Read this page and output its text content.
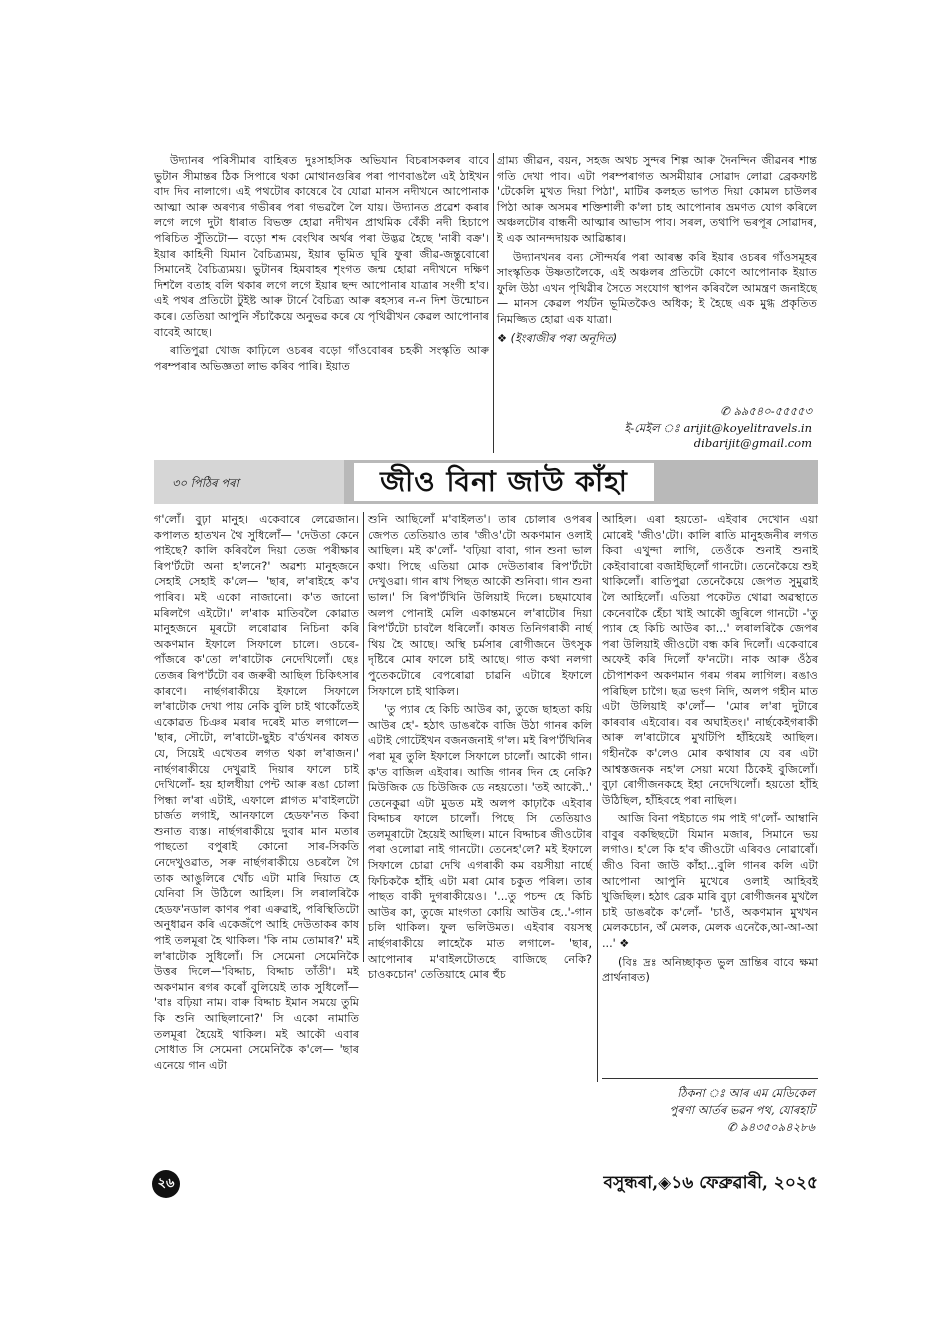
উদ্যানৰ পৰিসীমাৰ বাহিৰত দুঃসাহসিক অভিযান বিচৰাসকলৰ বাবে ভুটান সীমান্তৰ ঠিক সিপাৰে থকা মোথানগুৰিৰ পৰা পাণবাঙলৈ এই ঠাইখন বাদ দিব নালাগে। এই পথটোৰ কাষেৰে বৈ যোৱা মানস নদীখনে আপোনাক আত্মা আৰু অৰণ্যৰ গভীৰৰ পৰা গভৱলৈ লৈ যায়। উদ্যানত প্ৰৱেশ কৰাৰ লগে লগে দুটা ধাৰাত বিভক্ত হোৱা নদীখন প্ৰাথমিক বেঁকী নদী হিচাপে পৰিচিত সুঁতিটো— বড়ো শব্দ বেংখিৰ অৰ্থৰ পৰা উদ্ভৱ হৈছে 'নাৰী বক্ৰ'। ইয়াৰ কাহিনী যিমান বৈচিত্ৰ্যময়, ইয়াৰ ভূমিত ঘূৰি ফুৰা জীৱ-জন্তুবোৰো সিমানেই বৈচিত্ৰ্যময়। ভুটানৰ হিমবাহৰ শৃংগত জন্ম হোৱা নদীখনে দক্ষিণ দিশলৈ বতাহ বলি থকাৰ লগে লগে ইয়াৰ ছন্দ আপোনাৰ যাত্ৰাৰ সংগী হ'ব। এই পথৰ প্ৰতিটো টুইষ্ট আৰু টাৰ্নে বৈচিত্ৰ্য আৰু ৰহস্যৰ ন-ন দিশ উন্মোচন কৰে। তেতিয়া আপুনি সঁচাকৈয়ে অনুভৱ কৰে যে পৃথিৱীখন কেৱল আপোনাৰ বাবেই আছে।

ৰাতিপুৱা খোজ কাঢ়িলে ওচৰৰ বড়ো গাঁওবোৰৰ চহকী সংস্কৃতি আৰু পৰম্পৰাৰ অভিজ্ঞতা লাভ কৰিব পাৰি। ইয়াত

গ্ৰাম্য জীৱন, বয়ন, সহজ অথচ সুন্দৰ শিল্প আৰু দৈনন্দিন জীৱনৰ শান্ত গতি দেখা পাব। এটা পৰম্পৰাগত অসমীয়াৰ সোৱাদ লোৱা ব্ৰেকফাষ্ট 'টেকেলি মুখত দিয়া পিঠা', মাটিৰ কলহত ভাপত দিয়া কোমল চাউলৰ পিঠা আৰু অসমৰ শক্তিশালী ক'লা চাহ আপোনাৰ ভ্ৰমণত যোগ কৰিলে অঞ্চলটোৰ বান্ধনী আত্মাৰ আভাস পাব। সৰল, তথাপি ভৰপূৰ সোৱাদৰ, ই এক আনন্দদায়ক আৱিষ্কাৰ।

উদ্যানখনৰ বন্য সৌন্দৰ্যৰ পৰা আৰম্ভ কৰি ইয়াৰ ওচৰৰ গাঁওসমূহৰ সাংস্কৃতিক উষ্ণতালৈকে, এই অঞ্চলৰ প্ৰতিটো কোণে আপোনাক ইয়াত ফুলি উঠা এখন পৃথিৱীৰ সৈতে সংযোগ স্থাপন কৰিবলৈ আমন্ত্ৰণ জনাইছে— মানস কেৱল পৰ্যটন ভূমিতকৈও অধিক; ই হৈছে এক মুগ্ধ প্ৰকৃতিত নিমজ্জিত হোৱা এক যাত্ৰা।

❖ (ইংৰাজীৰ পৰা অনূদিত)

✆ ৯৯৫৪০-৫৫৫৫৩
ই-মেইল ঃ arijit@koyelitravels.in
dibarijit@gmail.com
৩০ পিঠিৰ পৰা	জীও বিনা জাউ কাঁহা

গ'লোঁ। বুঢ়া মানুহ। একেবাৰে লেৱেজান। কপালত হাতখন থৈ সুধিলোঁ— 'দেউতা কেনে পাইছে? কালি কৰিবলৈ দিয়া তেজ পৰীক্ষাৰ ৰিপ'ৰ্টটো অনা হ'লনে?' অৱশ্য মানুহজনে সেহাই সেহাই ক'লে— 'ছাৰ, ল'ৰাইহে ক'ব পাৰিব। মই একো নাজানো। ক'ত জানো মৰিলগৈ এইটো।' ল'ৰাক মাতিবলৈ কোৱাত মানুহজনে মূৰটো লৰোৱাৰ নিচিনা কৰি অকণমান ইফালে সিফালে চালে। ওচৰে-পাঁজৰে ক'তো ল'ৰাটোক নেদেখিলোঁ। ছেঃ তেজৰ ৰিপ'ৰ্টটো বৰ জৰুৰী আছিল চিকিৎসাৰ কাৰণে। নাৰ্ছগৰাকীয়ে ইফালে সিফালে ল'ৰাটোক দেখা পায় নেকি বুলি চাই থাকোঁতেই একোৱত চিঞৰ মৰাৰ দৰেই মাত লগালে— 'ছাৰ, সৌটো, ল'ৰাটো-ছুইচ ব'ৰ্ডখনৰ কাষত যে, সিয়েই এখেতৰ লগত থকা ল'ৰাজন।' নাৰ্ছগৰাকীয়ে দেখুৱাই দিয়াৰ ফালে চাই দেখিলোঁ- হয় হালধীয়া পেন্ট আৰু ৰঙা চোলা পিন্ধা ল'ৰা এটাই, এফালে প্লাগত ম'বাইলটো চাৰ্জত লগাই, আনফালে হেডফ'নত কিবা শুনাত ব্যস্ত। নাৰ্ছগৰাকীয়ে দুবাৰ মান মতাৰ পাছতো বপুৰাই কোনো সাৰ-সিকতি নেদেখুওৱাত, সৰু নাৰ্ছগৰাকীয়ে ওচৰলৈ গৈ তাক আঙুলিৰে খোঁচ এটা মাৰি দিয়াত হে যেনিবা সি উঠিলে আহিল। সি লৰালৰিকৈ হেডফ'নডাল কাণৰ পৰা এৰুৱাই, পৰিস্থিতিটো অনুধাৱন কৰি একেজঁপে আহি দেউতাকৰ কাষ পাই তলমূৰা হৈ থাকিল। 'কি নাম তোমাৰ?' মই ল'ৰাটোক সুধিলোঁ। সি সেমেনা সেমেনিকৈ উত্তৰ দিলে—'বিদ্দাচ, বিদ্দাচ তাঁতী'। মই অকণমান ৰগৰ কৰোঁ বুলিয়েই তাক সুধিলোঁ— 'বাঃ বঢ়িয়া নাম। বাৰু বিদ্দাচ ইমান সময়ে তুমি কি শুনি আছিলানো?' সি একো নামাতি তলমূৰা হৈয়েই থাকিল। মই আকৌ এবাৰ সোধাত সি সেমেনা সেমেনিকৈ ক'লে— 'ছাৰ এনেয়ে গান এটা

শুনি আছিলোঁ ম'বাইলত'। তাৰ চোলাৰ ওপৰৰ জেপত তেতিয়াও তাৰ 'জীও'টো অকণমান ওলাই আছিল। মই ক'লোঁ- 'বঢ়িয়া বাবা, গান শুনা ভাল কথা। পিছে এতিয়া মোক দেউতাৰাৰ ৰিপ'ৰ্টটো দেখুওৱা। গান ৰাখ পিছত আকৌ শুনিবা। গান শুনা ভাল।' সি ৰিপ'ৰ্টখিনি উলিয়াই দিলে। চছমাযোৰ অলপ পোনাই মেলি একান্তমনে ল'ৰাটোৰ দিয়া ৰিপ'ৰ্টটো চাবলৈ ধৰিলোঁ। কাষত তিনিগৰাকী নাৰ্ছ থিয় হৈ আছে। অস্থি চৰ্মসাৰ ৰোগীজনে উৎসুক দৃষ্টিৰে মোৰ ফালে চাই আছে। গাত কথা নলগা পুতেকটোৰে বেপৰোৱা চাৱনি এটাৰে ইফালে সিফালে চাই থাকিল।

'তু প্যাৰ হে কিচি আউৰ কা, তুজে ছাহতা কয়ি আউৰ হে'- হঠাৎ ডাঙৰকৈ বাজি উঠা গানৰ কলি এটাই গোটেইখন বজনজনাই গ'ল। মই ৰিপ'ৰ্টখিনিৰ পৰা মূৰ তুলি ইফালে সিফালে চালোঁ। আকৌ গান। ক'ত বাজিল এইবাৰ। আজি গানৰ দিন হে নেকি? মিউজিক ডে চিউজিক ডে নহয়তো। 'তই আকৌ..' তেনেকুৱা এটা মুডত মই অলপ কাঢ়াকৈ এইবাৰ বিদ্দাচৰ ফালে চালোঁ। পিছে সি তেতিয়াও তলমূৰাটো হৈয়েই আছিল। মানে বিদ্দাচৰ জীওটোৰ পৰা ওলোৱা নাই গানটো। তেনেহ'লে? মই ইফালে সিফালে চোৱা দেখি এগৰাকী কম বয়সীয়া নাৰ্ছে ফিচিককৈ হাঁহি এটা মৰা মোৰ চকুত পৰিল। তাৰ পাছত বাকী দুগৰাকীয়েও। '...তু পচন্দ হে কিচি আউৰ কা, তুজে মাংগতা কোয়ি আউৰ হে..'-গান চলি থাকিল। ফুল ভলিউমত। এইবাৰ বয়সস্থ নাৰ্ছগৰাকীয়ে লাহেকৈ মাত লগালে- 'ছাৰ, আপোনাৰ ম'বাইলটোতহে বাজিছে নেকি? চাওকচোন' তেতিয়াহে মোৰ হুঁচ

আহিল। এৰা হয়তো- এইবাৰ দেখোন এয়া মোৰেই 'জীও'টো। কালি ৰাতি মানুহজনীৰ লগত কিবা এখুন্দা লাগি, তেওঁকে শুনাই শুনাই কেইবাবাৰো বজাইছিলোঁ গানটো। তেনেকৈয়ে শুই থাকিলোঁ। ৰাতিপুৱা তেনেকৈয়ে জেপত সুমুৱাই লৈ আহিলোঁ। এতিয়া পকেটত থোৱা অৱস্থাতে কেনেবাকৈ হেঁচা খাই আকৌ জুৰিলে গানটো -'তু প্যাৰ হে কিচি আউৰ কা...' লৰালৰিকৈ জেপৰ পৰা উলিয়াই জীওটো বন্ধ কৰি দিলোঁ। একেবাৰে অফেই কৰি দিলোঁ ফ'নটো। নাক আৰু ওঁঠৰ চৌপাশকণ অকণমান গৰম গৰম লাগিল। ৰঙাও পৰিছিল চাগৈ। ছত্ৰ ভংগ নিদি, অলপ গহীন মাত এটা উলিয়াই ক'লোঁ— 'মোৰ ল'ৰা দুটাৰে কাৰবাৰ এইবোৰ। বৰ অঘাইতং।' নাৰ্ছকেইগৰাকী আৰু ল'ৰাটোৰে মুখটিপি হাঁহিয়েই আছিল। গহীনকৈ ক'লেও মোৰ কথাষাৰ যে বৰ এটা আশ্বস্তজনক নহ'ল সেয়া মযো ঠিকেই বুজিলোঁ। বুঢ়া ৰোগীজনকহে ইহা নেদেখিলোঁ। হয়তো হাঁহি উঠিছিল, হাঁহিবহে পৰা নাছিল।

আজি বিনা পইচাতে গম পাই গ'লোঁ- আম্বানি বাবুৰ বকছিছটো যিমান মজাৰ, সিমানে ভয় লগাও। হ'লে কি হ'ব জীওটো এৰিবও নোৱাৰোঁ। জীও বিনা জাউ কাঁহা...বুলি গানৰ কলি এটা আপোনা আপুনি মুখেৰে ওলাই আহিবই খুজিছিল। হঠাৎ ব্ৰেক মাৰি বুঢ়া ৰোগীজনৰ মুখলৈ চাই ডাঙৰকৈ ক'লোঁ- 'চাওঁ, অকণমান মুখখন মেলকচোন, অঁ মেলক, মেলক এনেকৈ,আ-আ-আ ...' ❖

(বিঃ দ্ৰঃ অনিচ্ছাকৃত ভুল ভ্ৰান্তিৰ বাবে ক্ষমা প্ৰাৰ্থনাৰত)

ঠিকনা ঃ আৰ এম মেডিকেল
পুৰণা আৰ্তৰ ভৱন পথ, যোৰহাট
✆ ৯৪৩৫০৯৪২৮৬
২৬	বসুন্ধৰা,◈১৬ ফেব্ৰুৱাৰী, ২০২৫
